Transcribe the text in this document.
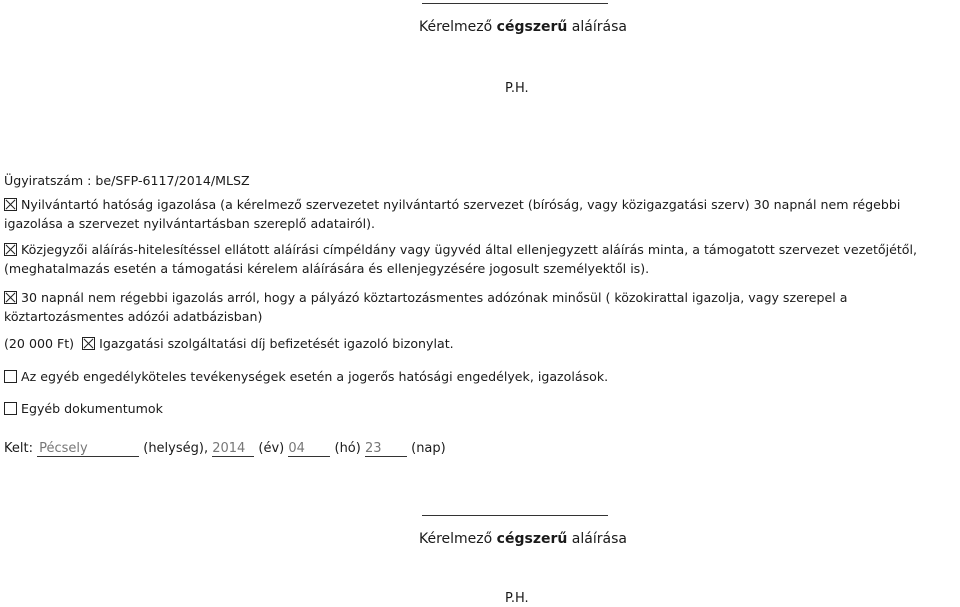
Kérelmező cégszerű aláírása
P.H.
Ügyiratszám : be/SFP-6117/2014/MLSZ
Nyilvántartó hatóság igazolása (a kérelmező szervezetet nyilvántartó szervezet (bíróság, vagy közigazgatási szerv) 30 napnál nem régebbi igazolása a szervezet nyilvántartásban szereplő adatairól).
Közjegyzői aláírás-hitelesítéssel ellátott aláírási címpéldány vagy ügyvéd által ellenjegyzett aláírás minta, a támogatott szervezet vezetőjétől, (meghatalmazás esetén a támogatási kérelem aláírására és ellenjegyzésére jogosult személyektől is).
30 napnál nem régebbi igazolás arról, hogy a pályázó köztartozásmentes adózónak minősül ( közokirattal igazolja, vagy szerepel a köztartozásmentes adózói adatbázisban)
(20 000 Ft) Igazgatási szolgáltatási díj befizetését igazoló bizonylat.
Az egyéb engedélyköteles tevékenységek esetén a jogerős hatósági engedélyek, igazolások.
Egyéb dokumentumok
Kelt: Pécsely	(helység), 2014 (év) 04 (hó) 23 (nap)
Kérelmező cégszerű aláírása
P.H.
